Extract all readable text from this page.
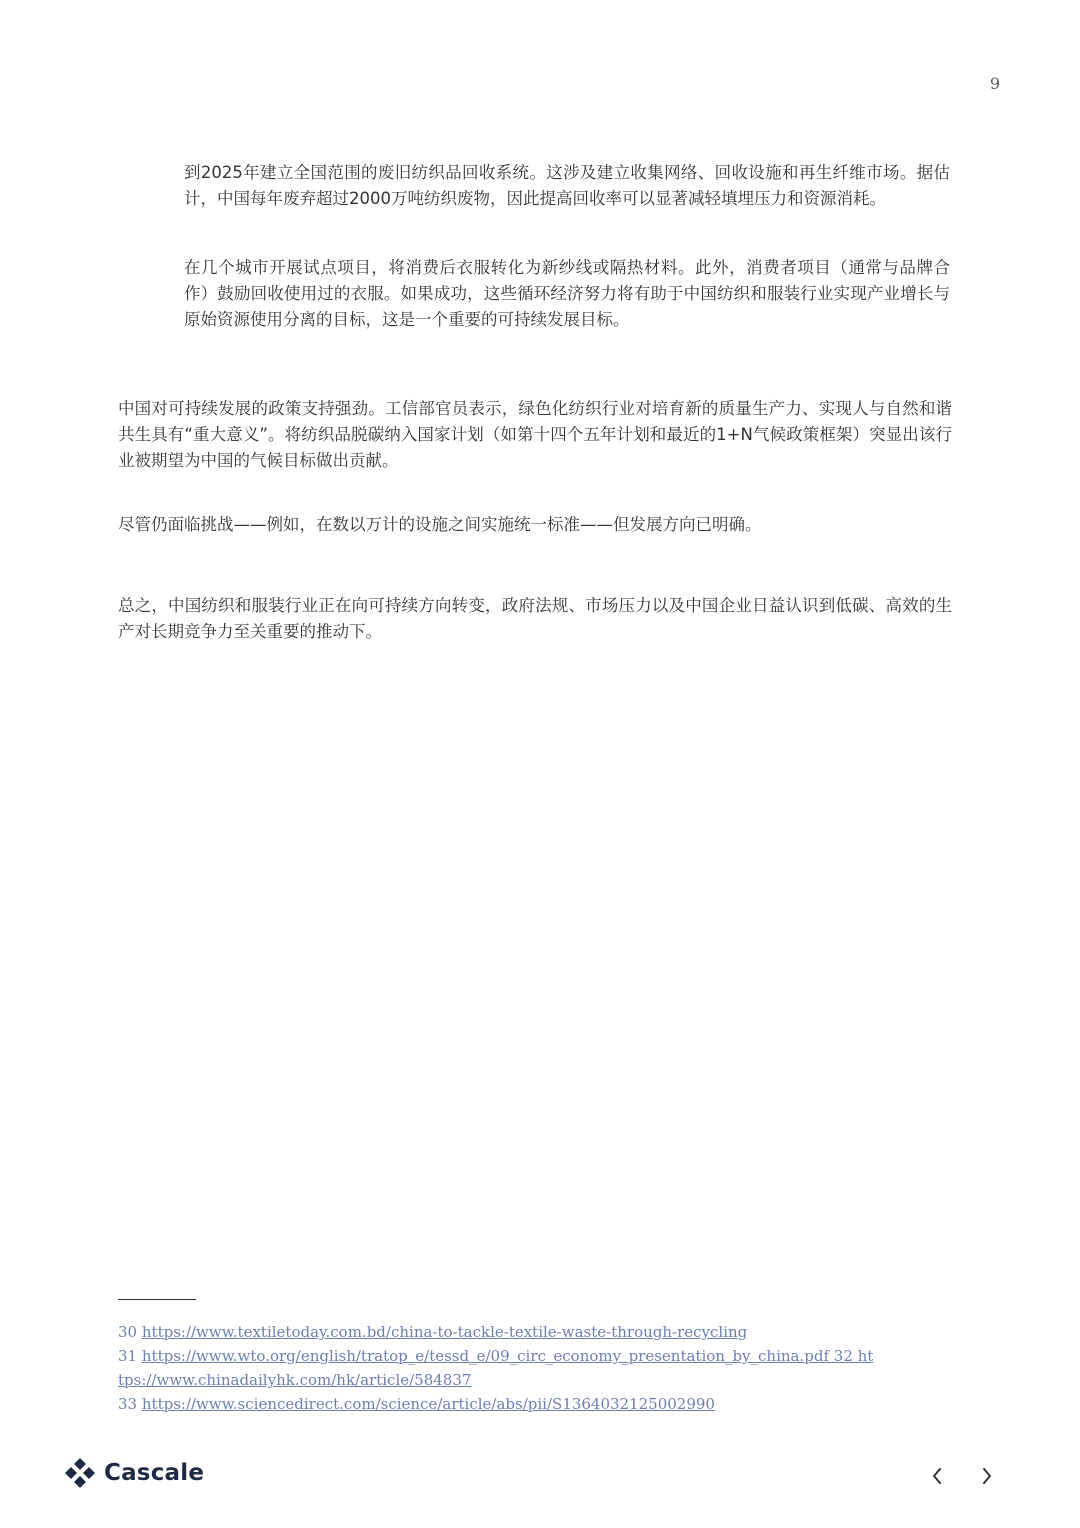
9

到2025年建立全国范围的废旧纺织品回收系统。这涉及建立收集网络、回收设施和再生纤维市场。据估计，中国每年废弃超过2000万吨纺织废物，因此提高回收率可以显著减轻填埋压力和资源消耗。

在几个城市开展试点项目，将消费后衣服转化为新纱线或隔热材料。此外，消费者项目（通常与品牌合作）鼓励回收使用过的衣服。如果成功，这些循环经济努力将有助于中国纺织和服装行业实现产业增长与原始资源使用分离的目标，这是一个重要的可持续发展目标。

中国对可持续发展的政策支持强劲。工信部官员表示，绿色化纺织行业对培育新的质量生产力、实现人与自然和谐共生具有“重大意义”。将纺织品脱碳纳入国家计划（如第十四个五年计划和最近的1+N气候政策框架）突显出该行业被期望为中国的气候目标做出贡献。

尽管仍面临挑战——例如，在数以万计的设施之间实施统一标准——但发展方向已明确。

总之，中国纺织和服装行业正在向可持续方向转变，政府法规、市场压力以及中国企业日益认识到低碳、高效的生产对长期竞争力至关重要的推动下。

30 https://www.textiletoday.com.bd/china-to-tackle-textile-waste-through-recycling
31 https://www.wto.org/english/tratop_e/tessd_e/09_circ_economy_presentation_by_china.pdf 32 ht
tps://www.chinadailyhk.com/hk/article/584837
33 https://www.sciencedirect.com/science/article/abs/pii/S1364032125002990
Cascale
